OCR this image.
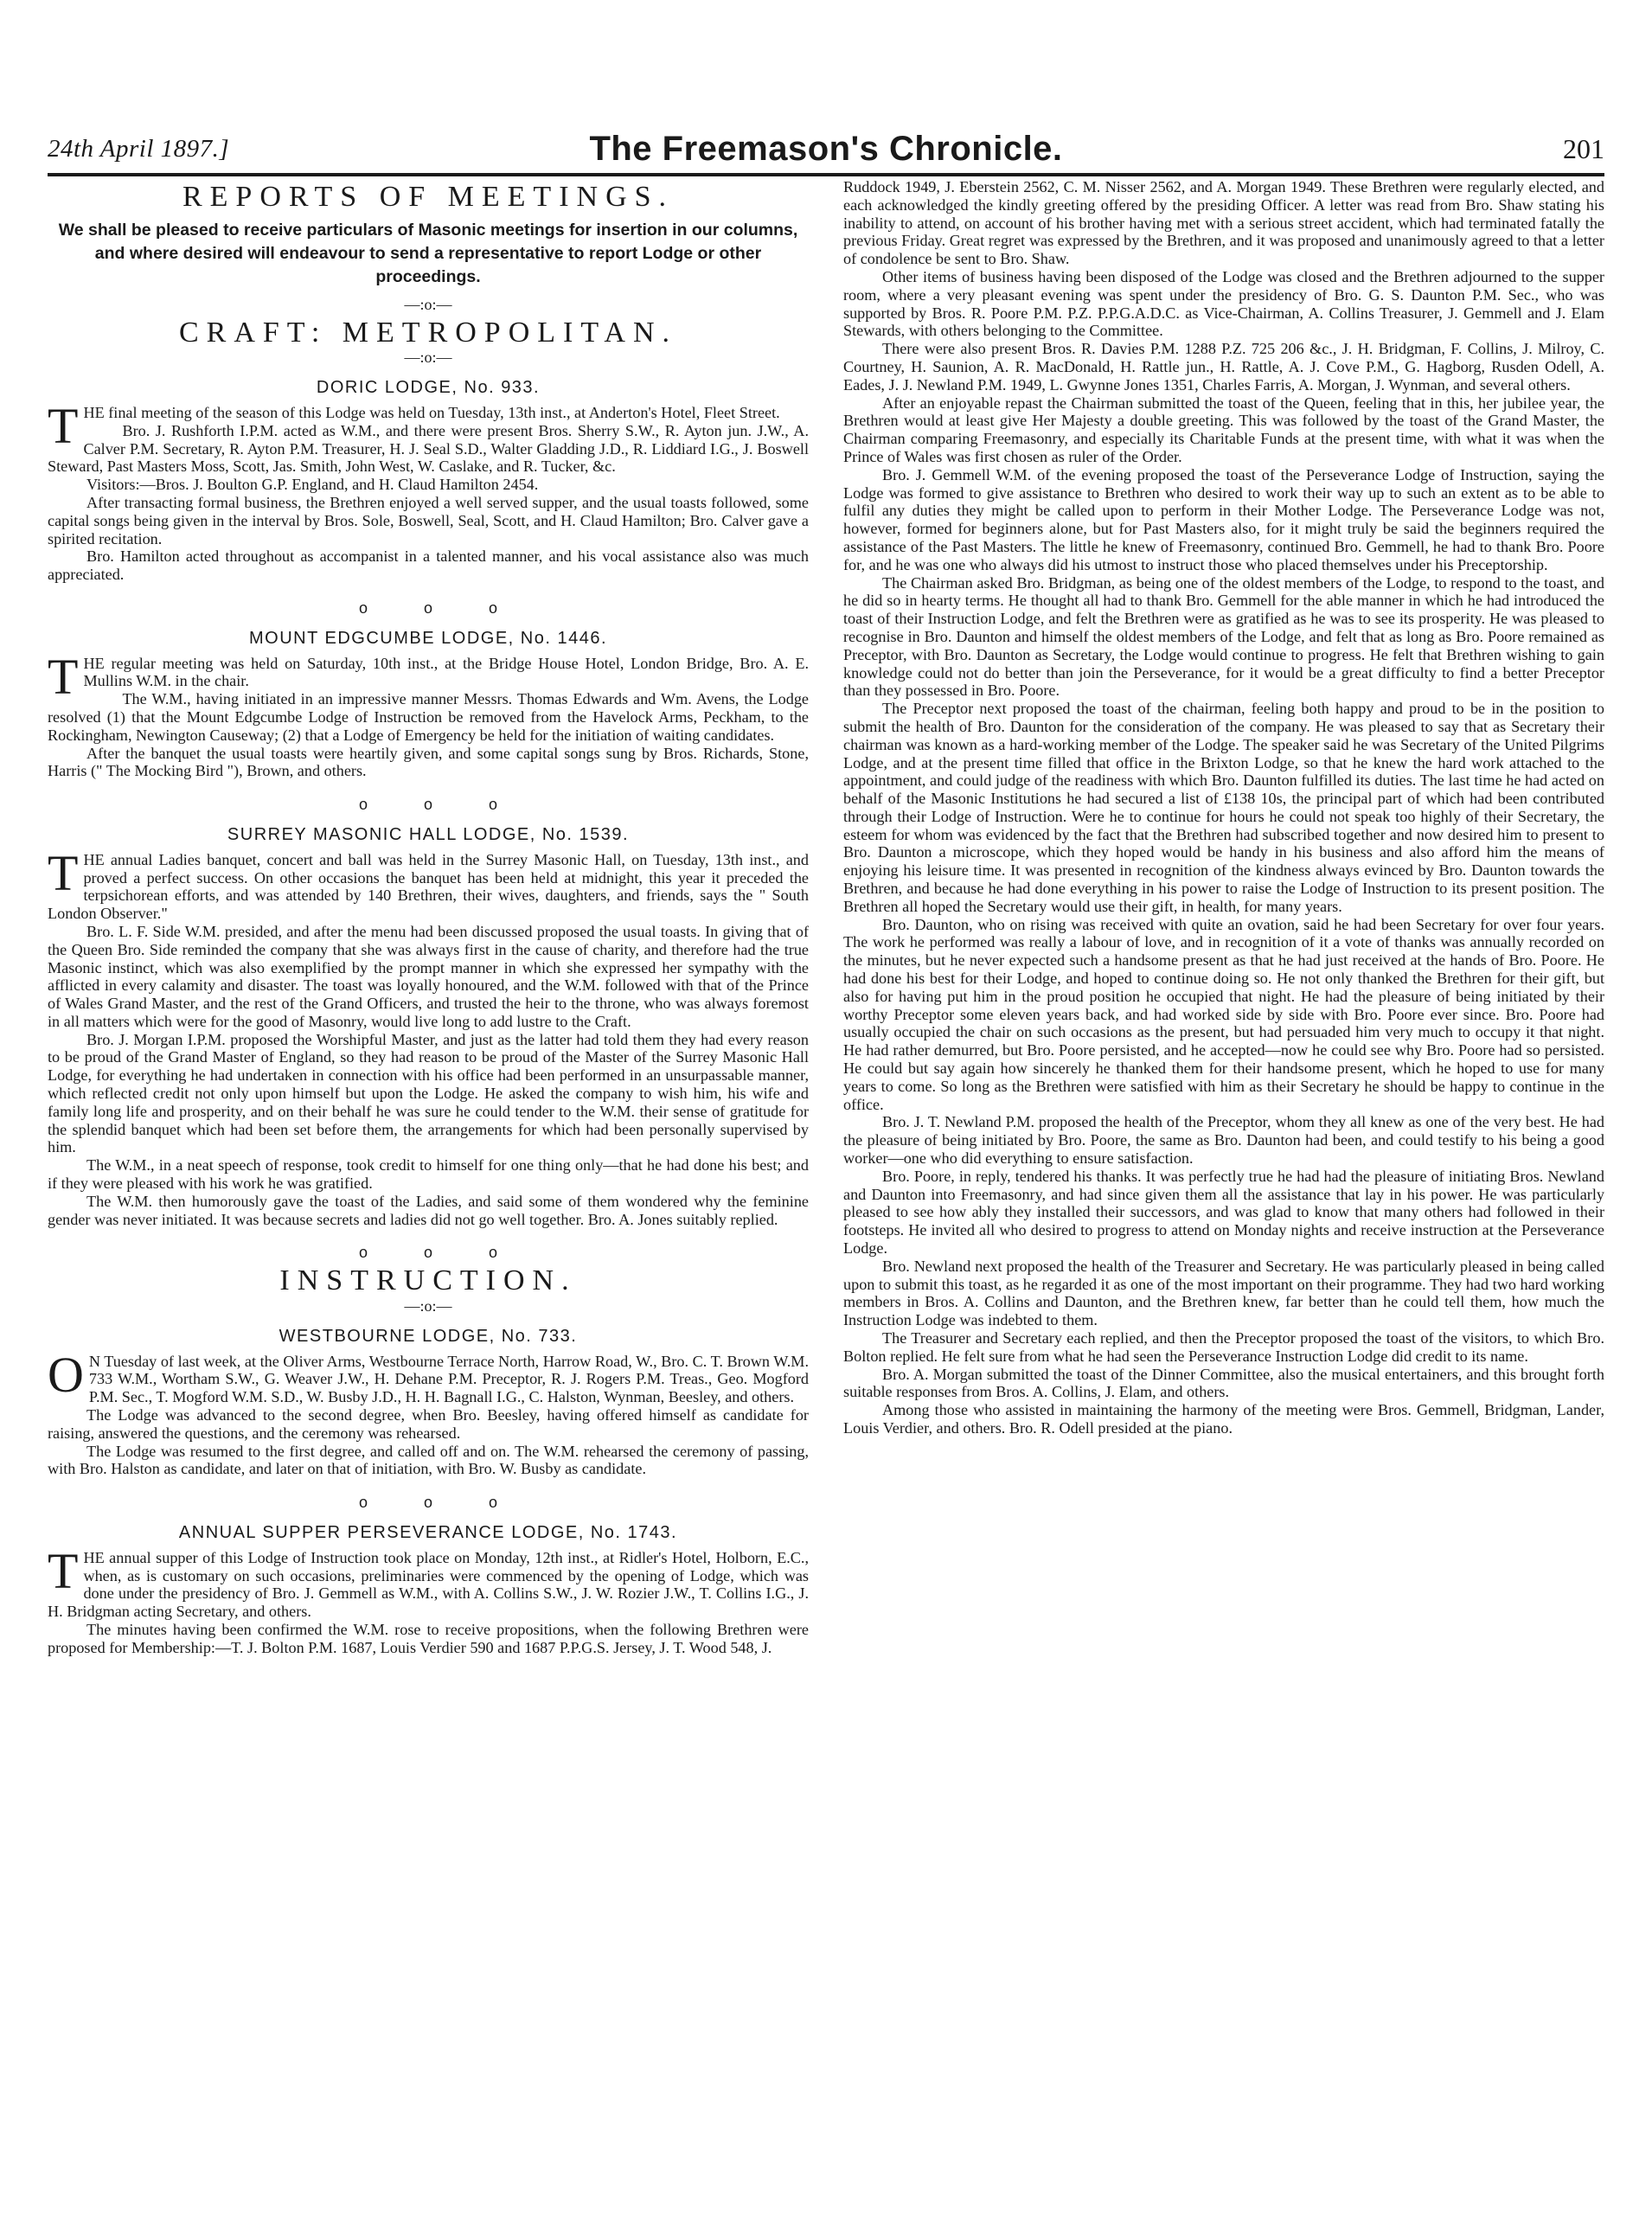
24th April 1897.]	The Freemason's Chronicle.	201
REPORTS OF MEETINGS.
We shall be pleased to receive particulars of Masonic meetings for insertion in our columns, and where desired will endeavour to send a representative to report Lodge or other proceedings.
—:o:—
CRAFT: METROPOLITAN.
—:o:—
DORIC LODGE, No. 933.

THE final meeting of the season of this Lodge was held on Tuesday, 13th inst., at Anderton's Hotel, Fleet Street.

Bro. J. Rushforth I.P.M. acted as W.M., and there were present Bros. Sherry S.W., R. Ayton jun. J.W., A. Calver P.M. Secretary, R. Ayton P.M. Treasurer, H. J. Seal S.D., Walter Gladding J.D., R. Liddiard I.G., J. Boswell Steward, Past Masters Moss, Scott, Jas. Smith, John West, W. Caslake, and R. Tucker, &c.

Visitors:—Bros. J. Boulton G.P. England, and H. Claud Hamilton 2454.

After transacting formal business, the Brethren enjoyed a well served supper, and the usual toasts followed, some capital songs being given in the interval by Bros. Sole, Boswell, Seal, Scott, and H. Claud Hamilton; Bro. Calver gave a spirited recitation.

Bro. Hamilton acted throughout as accompanist in a talented manner, and his vocal assistance also was much appreciated.

o o o
MOUNT EDGCUMBE LODGE, No. 1446.

THE regular meeting was held on Saturday, 10th inst., at the Bridge House Hotel, London Bridge, Bro. A. E. Mullins W.M. in the chair.

The W.M., having initiated in an impressive manner Messrs. Thomas Edwards and Wm. Avens, the Lodge resolved (1) that the Mount Edgcumbe Lodge of Instruction be removed from the Havelock Arms, Peckham, to the Rockingham, Newington Causeway; (2) that a Lodge of Emergency be held for the initiation of waiting candidates.

After the banquet the usual toasts were heartily given, and some capital songs sung by Bros. Richards, Stone, Harris (" The Mocking Bird "), Brown, and others.

o o o
SURREY MASONIC HALL LODGE, No. 1539.

THE annual Ladies banquet, concert and ball was held in the Surrey Masonic Hall, on Tuesday, 13th inst., and proved a perfect success. On other occasions the banquet has been held at midnight, this year it preceded the terpsichorean efforts, and was attended by 140 Brethren, their wives, daughters, and friends, says the " South London Observer."

Bro. L. F. Side W.M. presided, and after the menu had been discussed proposed the usual toasts. In giving that of the Queen Bro. Side reminded the company that she was always first in the cause of charity, and therefore had the true Masonic instinct, which was also exemplified by the prompt manner in which she expressed her sympathy with the afflicted in every calamity and disaster. The toast was loyally honoured, and the W.M. followed with that of the Prince of Wales Grand Master, and the rest of the Grand Officers, and trusted the heir to the throne, who was always foremost in all matters which were for the good of Masonry, would live long to add lustre to the Craft.

Bro. J. Morgan I.P.M. proposed the Worshipful Master, and just as the latter had told them they had every reason to be proud of the Grand Master of England, so they had reason to be proud of the Master of the Surrey Masonic Hall Lodge, for everything he had undertaken in connection with his office had been performed in an unsurpassable manner, which reflected credit not only upon himself but upon the Lodge. He asked the company to wish him, his wife and family long life and prosperity, and on their behalf he was sure he could tender to the W.M. their sense of gratitude for the splendid banquet which had been set before them, the arrangements for which had been personally supervised by him.

The W.M., in a neat speech of response, took credit to himself for one thing only—that he had done his best; and if they were pleased with his work he was gratified.

The W.M. then humorously gave the toast of the Ladies, and said some of them wondered why the feminine gender was never initiated. It was because secrets and ladies did not go well together. Bro. A. Jones suitably replied.

o o o
INSTRUCTION.
—:o:—
WESTBOURNE LODGE, No. 733.

O N Tuesday of last week, at the Oliver Arms, Westbourne Terrace North, Harrow Road, W., Bro. C. T. Brown W.M. 733 W.M., Wortham S.W., G. Weaver J.W., H. Dehane P.M. Preceptor, R. J. Rogers P.M. Treas., Geo. Mogford P.M. Sec., T. Mogford W.M. S.D., W. Busby J.D., H. H. Bagnall I.G., C. Halston, Wynman, Beesley, and others.

The Lodge was advanced to the second degree, when Bro. Beesley, having offered himself as candidate for raising, answered the questions, and the ceremony was rehearsed.

The Lodge was resumed to the first degree, and called off and on. The W.M. rehearsed the ceremony of passing, with Bro. Halston as candidate, and later on that of initiation, with Bro. W. Busby as candidate.

o o o
ANNUAL SUPPER PERSEVERANCE LODGE, No. 1743.

THE annual supper of this Lodge of Instruction took place on Monday, 12th inst., at Ridler's Hotel, Holborn, E.C., when, as is customary on such occasions, preliminaries were commenced by the opening of Lodge, which was done under the presidency of Bro. J. Gemmell as W.M., with A. Collins S.W., J. W. Rozier J.W., T. Collins I.G., J. H. Bridgman acting Secretary, and others.

The minutes having been confirmed the W.M. rose to receive propositions, when the following Brethren were proposed for Membership:—T. J. Bolton P.M. 1687, Louis Verdier 590 and 1687 P.P.G.S. Jersey, J. T. Wood 548, J.

Ruddock 1949, J. Eberstein 2562, C. M. Nisser 2562, and A. Morgan 1949. These Brethren were regularly elected, and each acknowledged the kindly greeting offered by the presiding Officer. A letter was read from Bro. Shaw stating his inability to attend, on account of his brother having met with a serious street accident, which had terminated fatally the previous Friday. Great regret was expressed by the Brethren, and it was proposed and unanimously agreed to that a letter of condolence be sent to Bro. Shaw.

Other items of business having been disposed of the Lodge was closed and the Brethren adjourned to the supper room, where a very pleasant evening was spent under the presidency of Bro. G. S. Daunton P.M. Sec., who was supported by Bros. R. Poore P.M. P.Z. P.P.G.A.D.C. as Vice-Chairman, A. Collins Treasurer, J. Gemmell and J. Elam Stewards, with others belonging to the Committee.

There were also present Bros. R. Davies P.M. 1288 P.Z. 725 206 &c., J. H. Bridgman, F. Collins, J. Milroy, C. Courtney, H. Saunion, A. R. MacDonald, H. Rattle jun., H. Rattle, A. J. Cove P.M., G. Hagborg, Rusden Odell, A. Eades, J. J. Newland P.M. 1949, L. Gwynne Jones 1351, Charles Farris, A. Morgan, J. Wynman, and several others.

After an enjoyable repast the Chairman submitted the toast of the Queen, feeling that in this, her jubilee year, the Brethren would at least give Her Majesty a double greeting. This was followed by the toast of the Grand Master, the Chairman comparing Freemasonry, and especially its Charitable Funds at the present time, with what it was when the Prince of Wales was first chosen as ruler of the Order.

Bro. J. Gemmell W.M. of the evening proposed the toast of the Perseverance Lodge of Instruction, saying the Lodge was formed to give assistance to Brethren who desired to work their way up to such an extent as to be able to fulfil any duties they might be called upon to perform in their Mother Lodge. The Perseverance Lodge was not, however, formed for beginners alone, but for Past Masters also, for it might truly be said the beginners required the assistance of the Past Masters. The little he knew of Freemasonry, continued Bro. Gemmell, he had to thank Bro. Poore for, and he was one who always did his utmost to instruct those who placed themselves under his Preceptorship.

The Chairman asked Bro. Bridgman, as being one of the oldest members of the Lodge, to respond to the toast, and he did so in hearty terms. He thought all had to thank Bro. Gemmell for the able manner in which he had introduced the toast of their Instruction Lodge, and felt the Brethren were as gratified as he was to see its prosperity. He was pleased to recognise in Bro. Daunton and himself the oldest members of the Lodge, and felt that as long as Bro. Poore remained as Preceptor, with Bro. Daunton as Secretary, the Lodge would continue to progress. He felt that Brethren wishing to gain knowledge could not do better than join the Perseverance, for it would be a great difficulty to find a better Preceptor than they possessed in Bro. Poore.

The Preceptor next proposed the toast of the chairman, feeling both happy and proud to be in the position to submit the health of Bro. Daunton for the consideration of the company. He was pleased to say that as Secretary their chairman was known as a hard-working member of the Lodge. The speaker said he was Secretary of the United Pilgrims Lodge, and at the present time filled that office in the Brixton Lodge, so that he knew the hard work attached to the appointment, and could judge of the readiness with which Bro. Daunton fulfilled its duties. The last time he had acted on behalf of the Masonic Institutions he had secured a list of £138 10s, the principal part of which had been contributed through their Lodge of Instruction. Were he to continue for hours he could not speak too highly of their Secretary, the esteem for whom was evidenced by the fact that the Brethren had subscribed together and now desired him to present to Bro. Daunton a microscope, which they hoped would be handy in his business and also afford him the means of enjoying his leisure time. It was presented in recognition of the kindness always evinced by Bro. Daunton towards the Brethren, and because he had done everything in his power to raise the Lodge of Instruction to its present position. The Brethren all hoped the Secretary would use their gift, in health, for many years.

Bro. Daunton, who on rising was received with quite an ovation, said he had been Secretary for over four years. The work he performed was really a labour of love, and in recognition of it a vote of thanks was annually recorded on the minutes, but he never expected such a handsome present as that he had just received at the hands of Bro. Poore. He had done his best for their Lodge, and hoped to continue doing so. He not only thanked the Brethren for their gift, but also for having put him in the proud position he occupied that night. He had the pleasure of being initiated by their worthy Preceptor some eleven years back, and had worked side by side with Bro. Poore ever since. Bro. Poore had usually occupied the chair on such occasions as the present, but had persuaded him very much to occupy it that night. He had rather demurred, but Bro. Poore persisted, and he accepted—now he could see why Bro. Poore had so persisted. He could but say again how sincerely he thanked them for their handsome present, which he hoped to use for many years to come. So long as the Brethren were satisfied with him as their Secretary he should be happy to continue in the office.

Bro. J. T. Newland P.M. proposed the health of the Preceptor, whom they all knew as one of the very best. He had the pleasure of being initiated by Bro. Poore, the same as Bro. Daunton had been, and could testify to his being a good worker—one who did everything to ensure satisfaction.

Bro. Poore, in reply, tendered his thanks. It was perfectly true he had had the pleasure of initiating Bros. Newland and Daunton into Freemasonry, and had since given them all the assistance that lay in his power. He was particularly pleased to see how ably they installed their successors, and was glad to know that many others had followed in their footsteps. He invited all who desired to progress to attend on Monday nights and receive instruction at the Perseverance Lodge.

Bro. Newland next proposed the health of the Treasurer and Secretary. He was particularly pleased in being called upon to submit this toast, as he regarded it as one of the most important on their programme. They had two hard working members in Bros. A. Collins and Daunton, and the Brethren knew, far better than he could tell them, how much the Instruction Lodge was indebted to them.

The Treasurer and Secretary each replied, and then the Preceptor proposed the toast of the visitors, to which Bro. Bolton replied. He felt sure from what he had seen the Perseverance Instruction Lodge did credit to its name.

Bro. A. Morgan submitted the toast of the Dinner Committee, also the musical entertainers, and this brought forth suitable responses from Bros. A. Collins, J. Elam, and others.

Among those who assisted in maintaining the harmony of the meeting were Bros. Gemmell, Bridgman, Lander, Louis Verdier, and others. Bro. R. Odell presided at the piano.
